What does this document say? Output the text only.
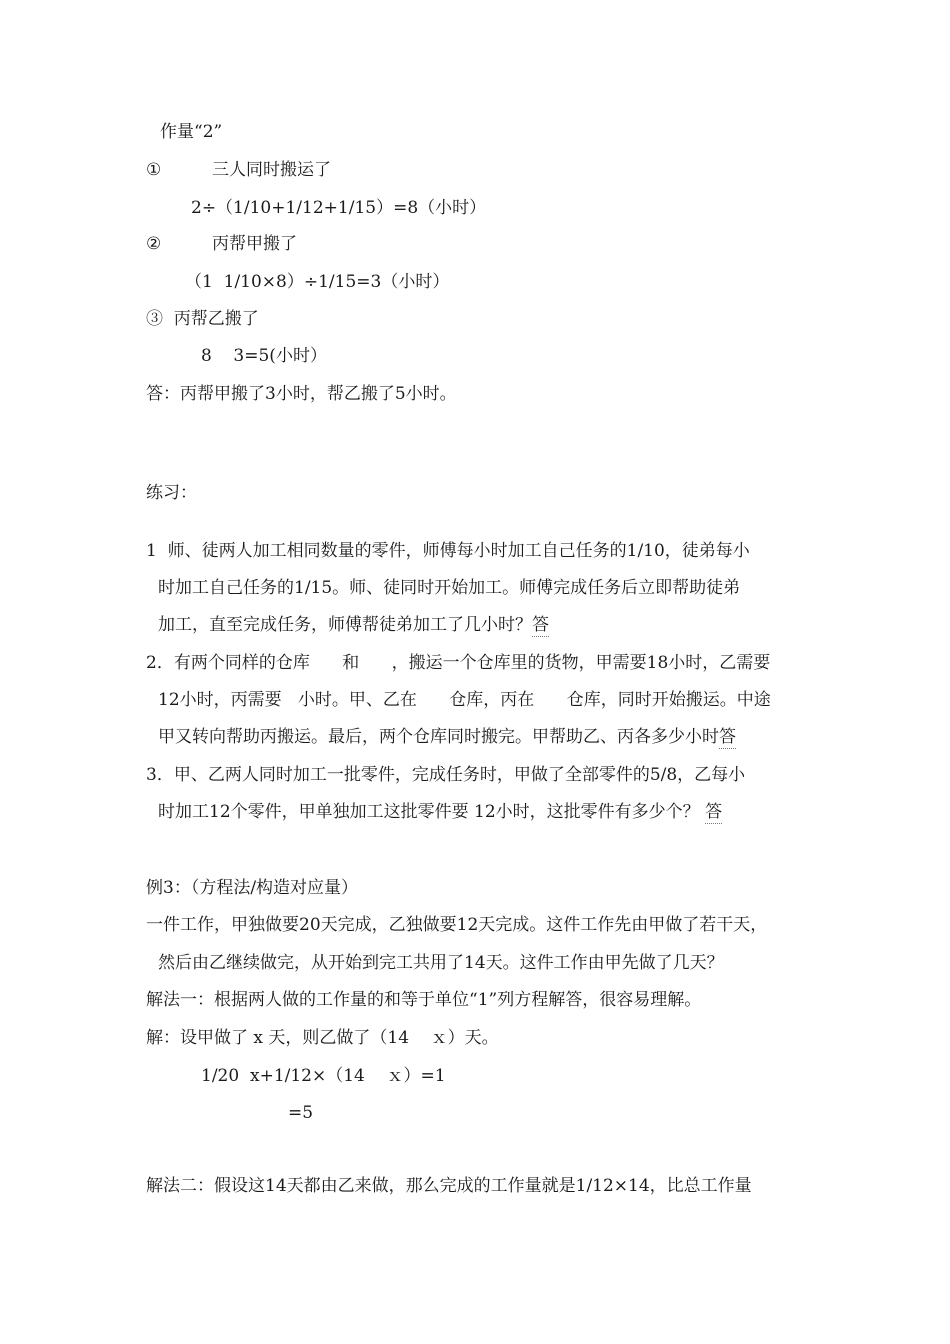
作量“2”
①	三人同时搬运了
2÷（1/10+1/12+1/15）=8（小时）
②	丙帮甲搬了
（1  1/10×8）÷1/15=3（小时）
③  丙帮乙搬了
8    3=5(小时）
答：丙帮甲搬了3小时，帮乙搬了5小时。
练习：
1  师、徒两人加工相同数量的零件，师傅每小时加工自己任务的1/10，徒弟每小
时加工自己任务的1/15。师、徒同时开始加工。师傅完成任务后立即帮助徒弟
加工，直至完成任务，师傅帮徒弟加工了几小时？答
2．有两个同样的仓库      和      ，搬运一个仓库里的货物，甲需要18小时，乙需要
12小时，丙需要   小时。甲、乙在      仓库，丙在      仓库，同时开始搬运。中途
甲又转向帮助丙搬运。最后，两个仓库同时搬完。甲帮助乙、丙各多少小时答
3．甲、乙两人同时加工一批零件，完成任务时，甲做了全部零件的5/8，乙每小
时加工12个零件，甲单独加工这批零件要 12小时，这批零件有多少个？ 答
例3：（方程法/构造对应量）
一件工作，甲独做要20天完成，乙独做要12天完成。这件工作先由甲做了若干天，
然后由乙继续做完，从开始到完工共用了14天。这件工作由甲先做了几天？
解法一：根据两人做的工作量的和等于单位“1”列方程解答，很容易理解。
解：设甲做了 x 天，则乙做了（14    ｘ）天。
1/20  x+1/12×（14    ｘ）=1
=5
解法二：假设这14天都由乙来做，那么完成的工作量就是1/12×14，比总工作量
